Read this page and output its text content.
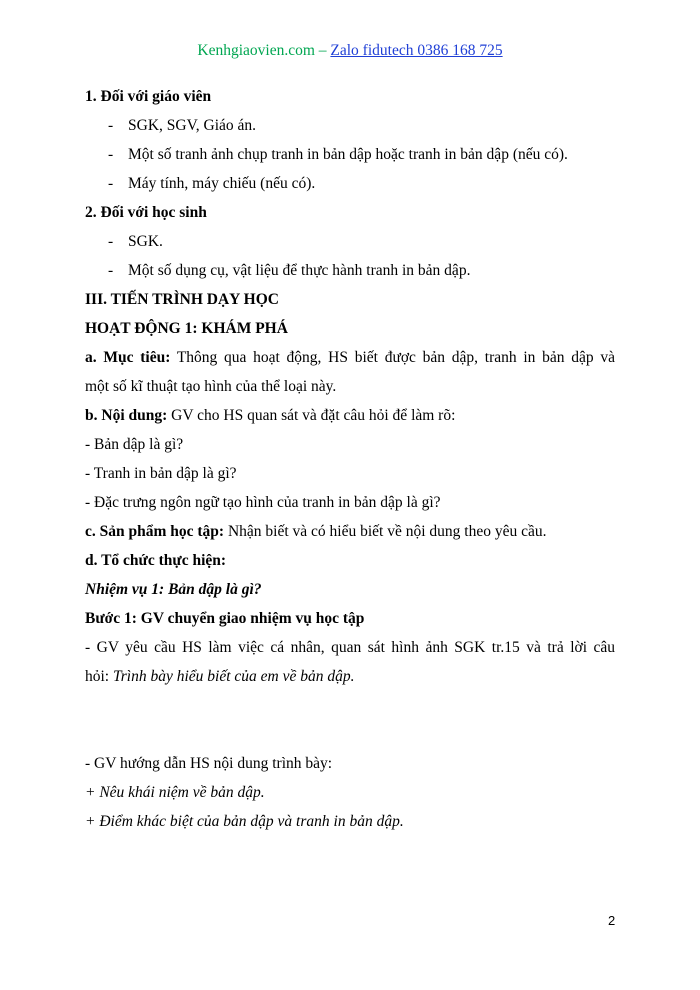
Kenhgiaovien.com – Zalo fidutech 0386 168 725

1. Đối với giáo viên

- SGK, SGV, Giáo án.

- Một số tranh ảnh chụp tranh in bản dập hoặc tranh in bản dập (nếu có).

- Máy tính, máy chiếu (nếu có).

2. Đối với học sinh

- SGK.

- Một số dụng cụ, vật liệu để thực hành tranh in bản dập.

III. TIẾN TRÌNH DẠY HỌC

HOẠT ĐỘNG 1: KHÁM PHÁ

a. Mục tiêu: Thông qua hoạt động, HS biết được bản dập, tranh in bản dập và

một số kĩ thuật tạo hình của thể loại này.

b. Nội dung: GV cho HS quan sát và đặt câu hỏi để làm rõ:

- Bản dập là gì?

- Tranh in bản dập là gì?

- Đặc trưng ngôn ngữ tạo hình của tranh in bản dập là gì?

c. Sản phẩm học tập: Nhận biết và có hiểu biết về nội dung theo yêu cầu.

d. Tổ chức thực hiện:

Nhiệm vụ 1: Bản dập là gì?

Bước 1: GV chuyển giao nhiệm vụ học tập

- GV yêu cầu HS làm việc cá nhân, quan sát hình ảnh SGK tr.15 và trả lời câu

hỏi: Trình bày hiểu biết của em về bản dập.

- GV hướng dẫn HS nội dung trình bày:

+ Nêu khái niệm về bản dập.

+ Điểm khác biệt của bản dập và tranh in bản dập.

2
